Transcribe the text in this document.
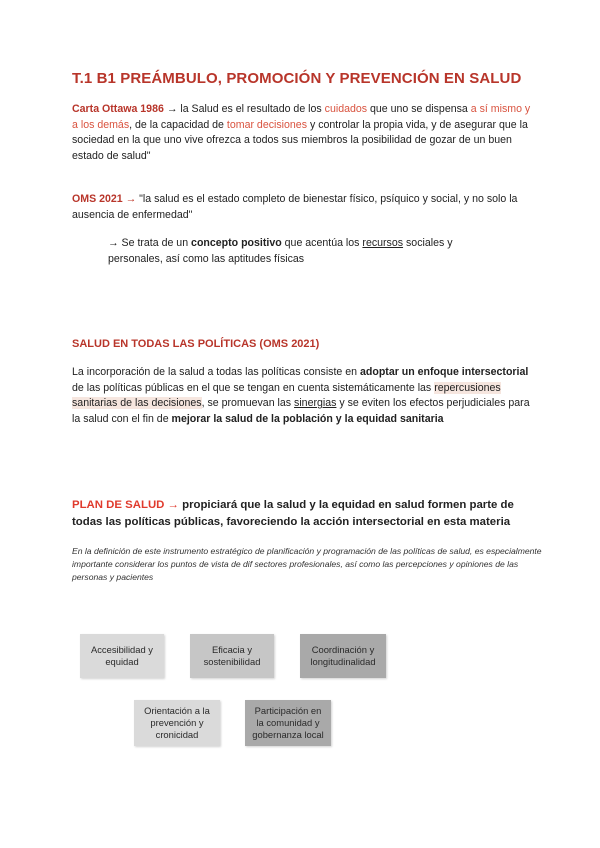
T.1 B1 PREÁMBULO, PROMOCIÓN Y PREVENCIÓN EN SALUD
Carta Ottawa 1986 → la Salud es el resultado de los cuidados que uno se dispensa a sí mismo y a los demás, de la capacidad de tomar decisiones y controlar la propia vida, y de asegurar que la sociedad en la que uno vive ofrezca a todos sus miembros la posibilidad de gozar de un buen estado de salud"
OMS 2021 → "la salud es el estado completo de bienestar físico, psíquico y social, y no solo la ausencia de enfermedad"
→ Se trata de un concepto positivo que acentúa los recursos sociales y personales, así como las aptitudes físicas
SALUD EN TODAS LAS POLÍTICAS (OMS 2021)
La incorporación de la salud a todas las políticas consiste en adoptar un enfoque intersectorial de las políticas públicas en el que se tengan en cuenta sistemáticamente las repercusiones sanitarias de las decisiones, se promuevan las sinergias y se eviten los efectos perjudiciales para la salud con el fin de mejorar la salud de la población y la equidad sanitaria
PLAN DE SALUD → propiciará que la salud y la equidad en salud formen parte de todas las políticas públicas, favoreciendo la acción intersectorial en esta materia
En la definición de este instrumento estratégico de planificación y programación de las políticas de salud, es especialmente importante considerar los puntos de vista de dif sectores profesionales, así como las percepciones y opiniones de las personas y pacientes
Accesibilidad y equidad
Eficacia y sostenibilidad
Coordinación y longitudinalidad
Orientación a la prevención y cronicidad
Participación en la comunidad y gobernanza local
